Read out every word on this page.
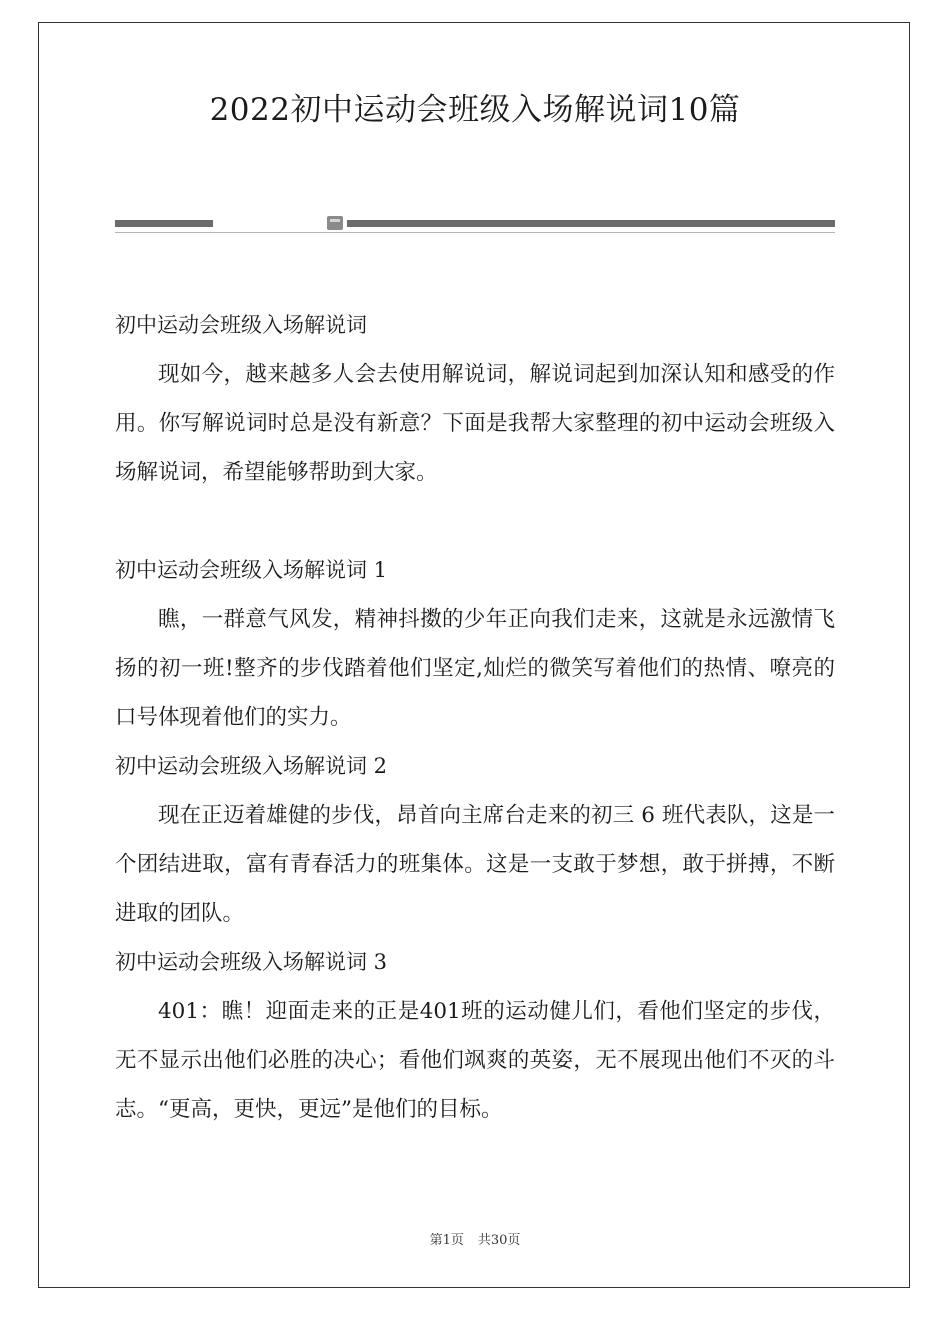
2022初中运动会班级入场解说词10篇

初中运动会班级入场解说词

现如今，越来越多人会去使用解说词，解说词起到加深认知和感受的作用。你写解说词时总是没有新意？下面是我帮大家整理的初中运动会班级入场解说词，希望能够帮助到大家。

初中运动会班级入场解说词 1

瞧，一群意气风发，精神抖擞的少年正向我们走来，这就是永远激情飞扬的初一班!整齐的步伐踏着他们坚定,灿烂的微笑写着他们的热情、嘹亮的口号体现着他们的实力。

初中运动会班级入场解说词 2

现在正迈着雄健的步伐，昂首向主席台走来的初三 6 班代表队，这是一个团结进取，富有青春活力的班集体。这是一支敢于梦想，敢于拼搏，不断进取的团队。

初中运动会班级入场解说词 3

401：瞧！迎面走来的正是401班的运动健儿们，看他们坚定的步伐，无不显示出他们必胜的决心；看他们飒爽的英姿，无不展现出他们不灭的斗志。“更高，更快，更远”是他们的目标。

第1页 共30页
